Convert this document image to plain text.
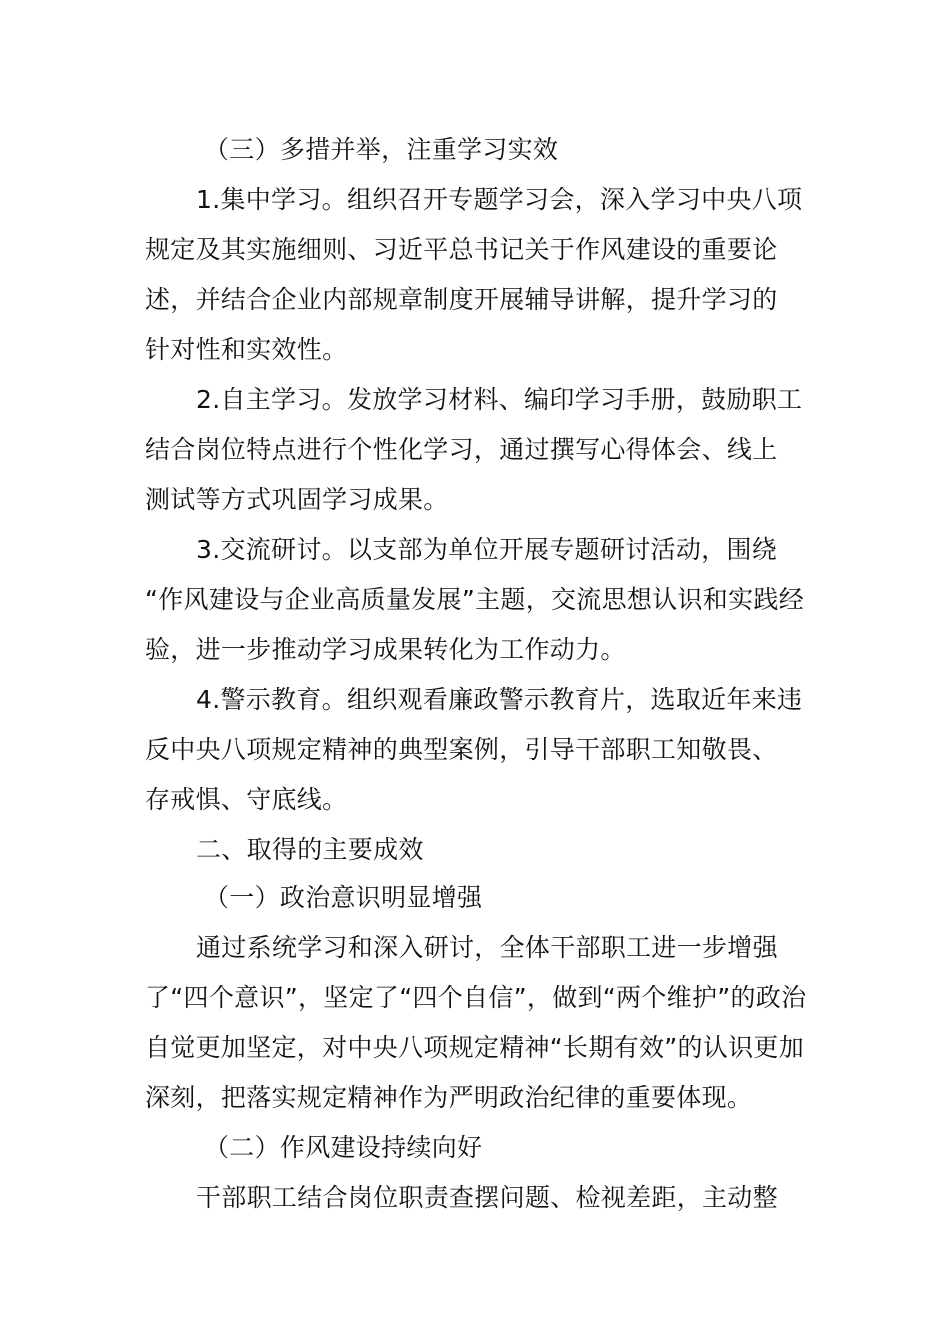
（三）多措并举，注重学习实效
1.集中学习。组织召开专题学习会，深入学习中央八项
规定及其实施细则、习近平总书记关于作风建设的重要论
述，并结合企业内部规章制度开展辅导讲解，提升学习的
针对性和实效性。
2.自主学习。发放学习材料、编印学习手册，鼓励职工
结合岗位特点进行个性化学习，通过撰写心得体会、线上
测试等方式巩固学习成果。
3.交流研讨。以支部为单位开展专题研讨活动，围绕
“作风建设与企业高质量发展”主题，交流思想认识和实践经
验，进一步推动学习成果转化为工作动力。
4.警示教育。组织观看廉政警示教育片，选取近年来违
反中央八项规定精神的典型案例，引导干部职工知敬畏、
存戒惧、守底线。
二、取得的主要成效
（一）政治意识明显增强
通过系统学习和深入研讨，全体干部职工进一步增强
了“四个意识”，坚定了“四个自信”，做到“两个维护”的政治
自觉更加坚定，对中央八项规定精神“长期有效”的认识更加
深刻，把落实规定精神作为严明政治纪律的重要体现。
（二）作风建设持续向好
干部职工结合岗位职责查摆问题、检视差距，主动整
